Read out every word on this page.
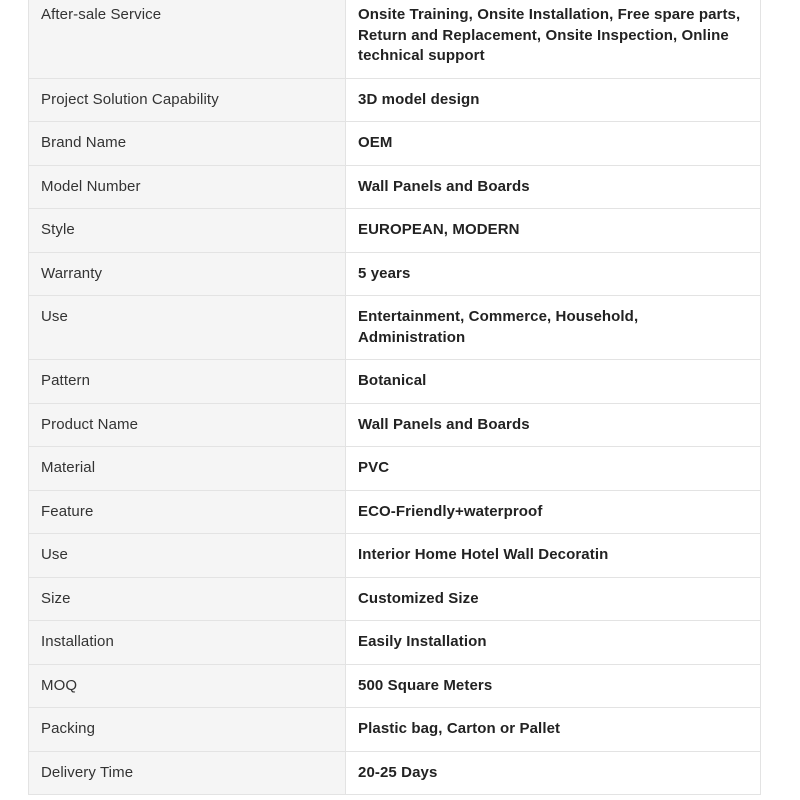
After-sale Service	Onsite Training, Onsite Installation, Free spare parts, Return and Replacement, Onsite Inspection, Online technical support
Project Solution Capability	3D model design
Brand Name	OEM
Model Number	Wall Panels and Boards
Style	EUROPEAN, MODERN
Warranty	5 years
Use	Entertainment, Commerce, Household, Administration
Pattern	Botanical
Product Name	Wall Panels and Boards
Material	PVC
Feature	ECO-Friendly+waterproof
Use	Interior Home Hotel Wall Decoratin
Size	Customized Size
Installation	Easily Installation
MOQ	500 Square Meters
Packing	Plastic bag, Carton or Pallet
Delivery Time	20-25 Days
